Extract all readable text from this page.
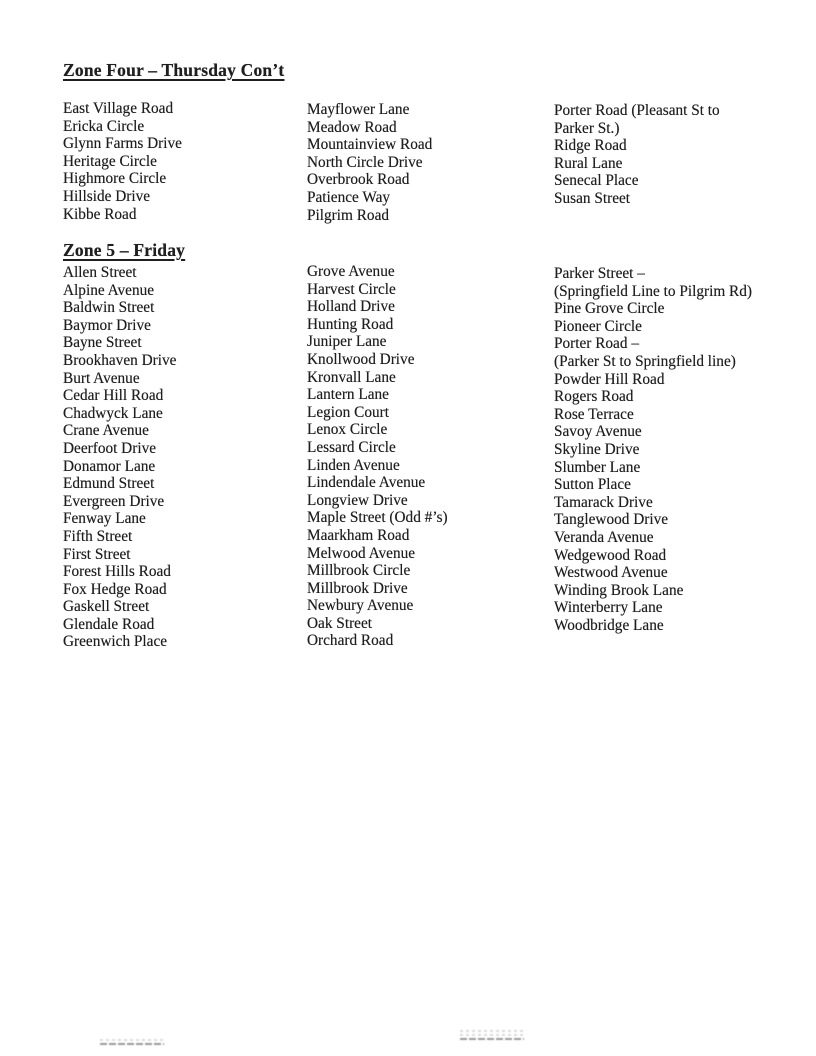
Zone Four – Thursday Con’t
East Village Road
Ericka Circle
Glynn Farms Drive
Heritage Circle
Highmore Circle
Hillside Drive
Kibbe Road
Mayflower Lane
Meadow Road
Mountainview Road
North Circle Drive
Overbrook Road
Patience Way
Pilgrim Road
Porter Road (Pleasant St to
Parker St.)
Ridge Road
Rural Lane
Senecal Place
Susan Street
Zone 5 – Friday
Allen Street
Alpine Avenue
Baldwin Street
Baymor Drive
Bayne Street
Brookhaven Drive
Burt Avenue
Cedar Hill Road
Chadwyck Lane
Crane Avenue
Deerfoot Drive
Donamor Lane
Edmund Street
Evergreen Drive
Fenway Lane
Fifth Street
First Street
Forest Hills Road
Fox Hedge Road
Gaskell Street
Glendale Road
Greenwich Place
Grove Avenue
Harvest Circle
Holland Drive
Hunting Road
Juniper Lane
Knollwood Drive
Kronvall Lane
Lantern Lane
Legion Court
Lenox Circle
Lessard Circle
Linden Avenue
Lindendale Avenue
Longview Drive
Maple Street (Odd #’s)
Maarkham Road
Melwood Avenue
Millbrook Circle
Millbrook Drive
Newbury Avenue
Oak Street
Orchard Road
Parker Street –
(Springfield Line to Pilgrim Rd)
Pine Grove Circle
Pioneer Circle
Porter Road –
(Parker St to Springfield line)
Powder Hill Road
Rogers Road
Rose Terrace
Savoy Avenue
Skyline Drive
Slumber Lane
Sutton Place
Tamarack Drive
Tanglewood Drive
Veranda Avenue
Wedgewood Road
Westwood Avenue
Winding Brook Lane
Winterberry Lane
Woodbridge Lane
